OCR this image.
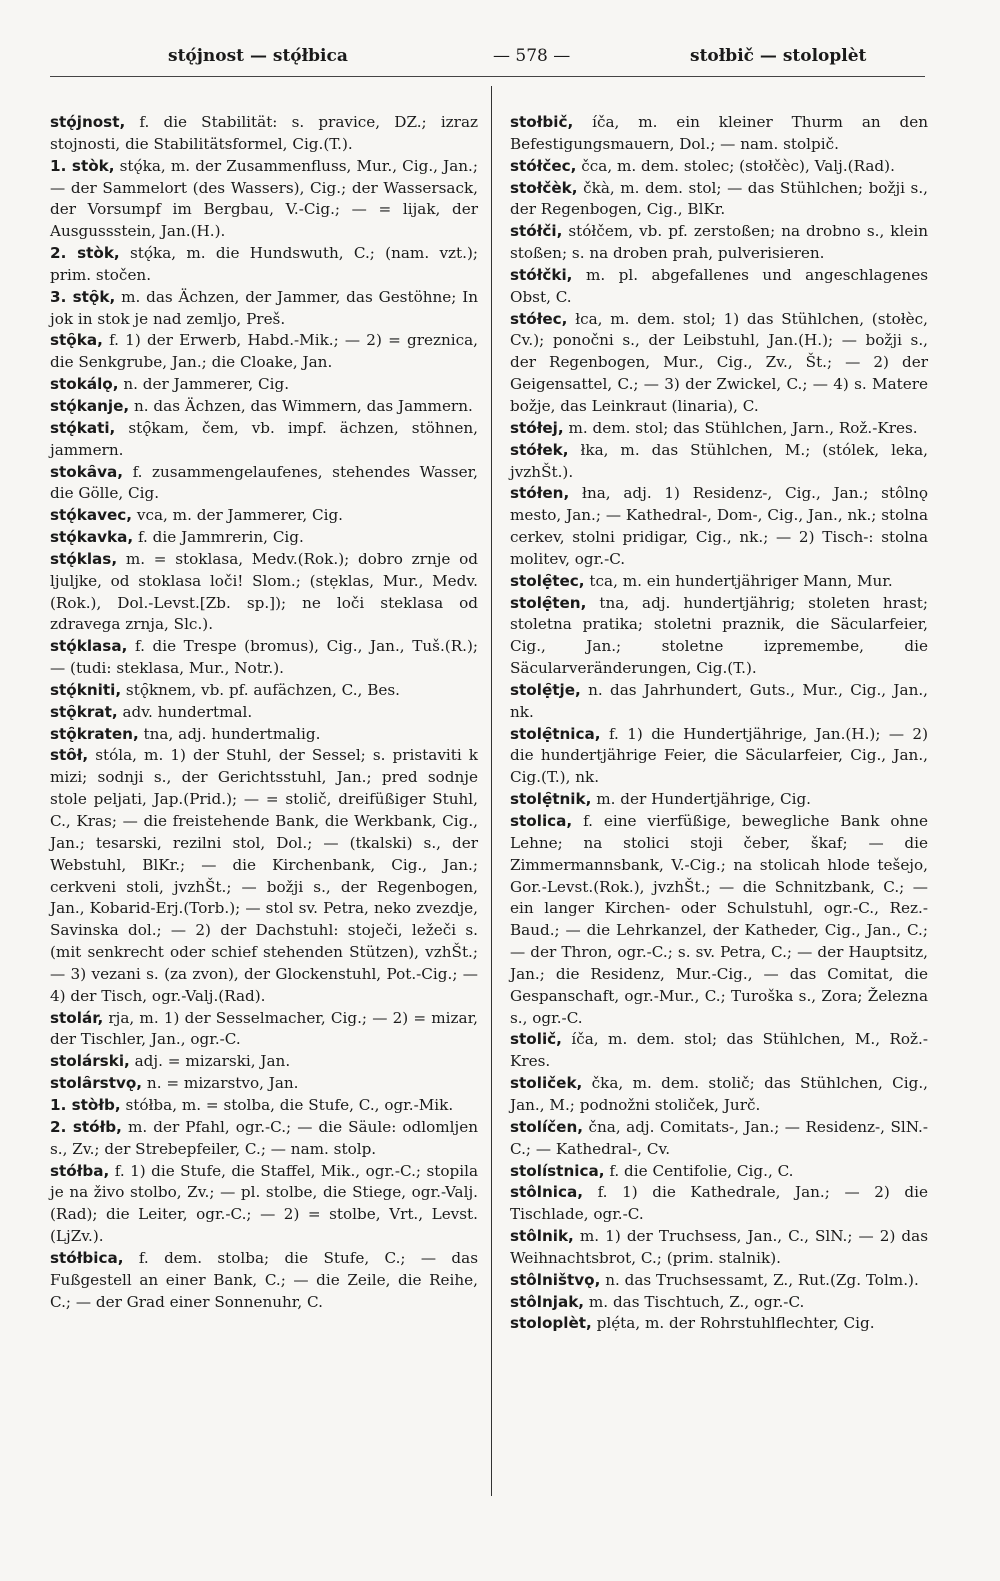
stǫ́jnost — stǫ́łbica	— 578 —	stołbič — stoloplèt

stǫ́jnost, f. die Stabilität: s. pravice, DZ.; izraz stojnosti, die Stabilitätsformel, Cig.(T.).

1. stòk, stǫ́ka, m. der Zusammenfluss, Mur., Cig., Jan.; — der Sammelort (des Wassers), Cig.; der Wassersack, der Vorsumpf im Bergbau, V.-Cig.; — = lijak, der Ausgussstein, Jan.(H.).

2. stòk, stǫ́ka, m. die Hundswuth, C.; (nam. vzt.); prim. stočen.

3. stǫ̑k, m. das Ächzen, der Jammer, das Gestöhne; In jok in stok je nad zemljo, Preš.

stǫ̑ka, f. 1) der Erwerb, Habd.-Mik.; — 2) = greznica, die Senkgrube, Jan.; die Cloake, Jan.

stokálǫ, n. der Jammerer, Cig.

stǫ́kanje, n. das Ächzen, das Wimmern, das Jammern.

stǫ́kati, stǫ̑kam, čem, vb. impf. ächzen, stöhnen, jammern.

stokȃva, f. zusammengelaufenes, stehendes Wasser, die Gölle, Cig.

stǫ́kavec, vca, m. der Jammerer, Cig.

stǫ́kavka, f. die Jammrerin, Cig.

stǫ́klas, m. = stoklasa, Medv.(Rok.); dobro zrnje od ljuljke, od stoklasa loči! Slom.; (stẹklas, Mur., Medv.(Rok.), Dol.-Levst.[Zb. sp.]); ne loči steklasa od zdravega zrnja, Slc.).

stǫ́klasa, f. die Trespe (bromus), Cig., Jan., Tuš.(R.); — (tudi: steklasa, Mur., Notr.).

stǫ́kniti, stǫ̑knem, vb. pf. aufächzen, C., Bes.

stǫ̑krat, adv. hundertmal.

stǫ̑kraten, tna, adj. hundertmalig.

stȏł, stóla, m. 1) der Stuhl, der Sessel; s. pristaviti k mizi; sodnji s., der Gerichtsstuhl, Jan.; pred sodnje stole peljati, Jap.(Prid.); — = stolič, dreifüßiger Stuhl, C., Kras; — die freistehende Bank, die Werkbank, Cig., Jan.; tesarski, rezilni stol, Dol.; — (tkalski) s., der Webstuhl, BlKr.; — die Kirchenbank, Cig., Jan.; cerkveni stoli, jvzhŠt.; — božji s., der Regenbogen, Jan., Kobarid-Erj.(Torb.); — stol sv. Petra, neko zvezdje, Savinska dol.; — 2) der Dachstuhl: stoječi, ležeči s. (mit senkrecht oder schief stehenden Stützen), vzhŠt.; — 3) vezani s. (za zvon), der Glockenstuhl, Pot.-Cig.; — 4) der Tisch, ogr.-Valj.(Rad).

stolár, rja, m. 1) der Sesselmacher, Cig.; — 2) = mizar, der Tischler, Jan., ogr.-C.

stolárski, adj. = mizarski, Jan.

stolȃrstvǫ, n. = mizarstvo, Jan.

1. stòłb, stółba, m. = stolba, die Stufe, C., ogr.-Mik.

2. stółb, m. der Pfahl, ogr.-C.; — die Säule: odlomljen s., Zv.; der Strebepfeiler, C.; — nam. stolp.

stółba, f. 1) die Stufe, die Staffel, Mik., ogr.-C.; stopila je na živo stolbo, Zv.; — pl. stolbe, die Stiege, ogr.-Valj.(Rad); die Leiter, ogr.-C.; — 2) = stolbe, Vrt., Levst.(LjZv.).

stółbica, f. dem. stolba; die Stufe, C.; — das Fußgestell an einer Bank, C.; — die Zeile, die Reihe, C.; — der Grad einer Sonnenuhr, C.

stołbič, íča, m. ein kleiner Thurm an den Befestigungsmauern, Dol.; — nam. stolpič.

stółčec, čca, m. dem. stolec; (stołčèc), Valj.(Rad).

stołčèk, čkà, m. dem. stol; — das Stühlchen; božji s., der Regenbogen, Cig., BlKr.

stółči, stółčem, vb. pf. zerstoßen; na drobno s., klein stoßen; s. na droben prah, pulverisieren.

stółčki, m. pl. abgefallenes und angeschlagenes Obst, C.

stółec, łca, m. dem. stol; 1) das Stühlchen, (stołèc, Cv.); ponočni s., der Leibstuhl, Jan.(H.); — božji s., der Regenbogen, Mur., Cig., Zv., Št.; — 2) der Geigensattel, C.; — 3) der Zwickel, C.; — 4) s. Matere božje, das Leinkraut (linaria), C.

stółej, m. dem. stol; das Stühlchen, Jarn., Rož.-Kres.

stółek, łka, m. das Stühlchen, M.; (stólek, leka, jvzhŠt.).

stółen, łna, adj. 1) Residenz-, Cig., Jan.; stôlnǫ mesto, Jan.; — Kathedral-, Dom-, Cig., Jan., nk.; stolna cerkev, stolni pridigar, Cig., nk.; — 2) Tisch-: stolna molitev, ogr.-C.

stolẹ̑tec, tca, m. ein hundertjähriger Mann, Mur.

stolẹ̑ten, tna, adj. hundertjährig; stoleten hrast; stoletna pratika; stoletni praznik, die Säcularfeier, Cig., Jan.; stoletne izpremembe, die Säcularveränderungen, Cig.(T.).

stolẹ̑tje, n. das Jahrhundert, Guts., Mur., Cig., Jan., nk.

stolẹ̑tnica, f. 1) die Hundertjährige, Jan.(H.); — 2) die hundertjährige Feier, die Säcularfeier, Cig., Jan., Cig.(T.), nk.

stolẹ̑tnik, m. der Hundertjährige, Cig.

stolica, f. eine vierfüßige, bewegliche Bank ohne Lehne; na stolici stoji čeber, škaf; — die Zimmermannsbank, V.-Cig.; na stolicah hlode tešejo, Gor.-Levst.(Rok.), jvzhŠt.; — die Schnitzbank, C.; — ein langer Kirchen- oder Schulstuhl, ogr.-C., Rez.-Baud.; — die Lehrkanzel, der Katheder, Cig., Jan., C.; — der Thron, ogr.-C.; s. sv. Petra, C.; — der Hauptsitz, Jan.; die Residenz, Mur.-Cig., — das Comitat, die Gespanschaft, ogr.-Mur., C.; Turoška s., Zora; Železna s., ogr.-C.

stolič, íča, m. dem. stol; das Stühlchen, M., Rož.-Kres.

stoliček, čka, m. dem. stolič; das Stühlchen, Cig., Jan., M.; podnožni stoliček, Jurč.

stolíčen, čna, adj. Comitats-, Jan.; — Residenz-, SlN.-C.; — Kathedral-, Cv.

stolístnica, f. die Centifolie, Cig., C.

stôlnica, f. 1) die Kathedrale, Jan.; — 2) die Tischlade, ogr.-C.

stôlnik, m. 1) der Truchsess, Jan., C., SlN.; — 2) das Weihnachtsbrot, C.; (prim. stalnik).

stôlništvǫ, n. das Truchsessamt, Z., Rut.(Zg. Tolm.).

stôlnjak, m. das Tischtuch, Z., ogr.-C.

stoloplèt, plẹ́ta, m. der Rohrstuhlflechter, Cig.
